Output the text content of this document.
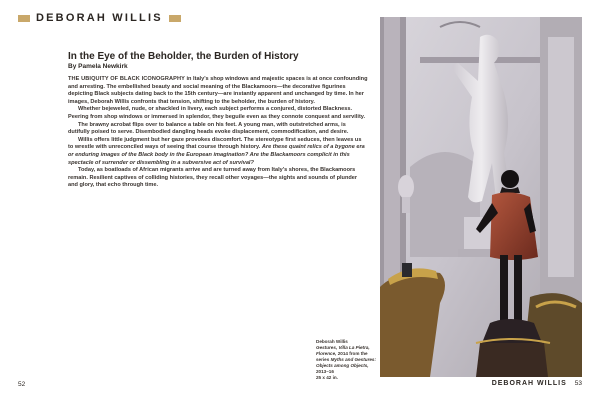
DEBORAH WILLIS
In the Eye of the Beholder, the Burden of History
By Pamela Newkirk

THE UBIQUITY OF BLACK ICONOGRAPHY in Italy's shop windows and majestic spaces is at once confounding and arresting. The embellished beauty and social meaning of the Blackamoors—the decorative figurines depicting Black subjects dating back to the 15th century—are instantly apparent and unchanged by time. In her images, Deborah Willis confronts that tension, shifting to the beholder, the burden of history.

Whether bejeweled, nude, or shackled in livery, each subject performs a conjured, distorted Blackness. Peering from shop windows or immersed in splendor, they beguile even as they connote conquest and servility.

The brawny acrobat flips over to balance a table on his feet. A young man, with outstretched arms, is dutifully poised to serve. Disembodied dangling heads evoke displacement, commodification, and desire.

Willis offers little judgment but her gaze provokes discomfort. The stereotype first seduces, then leaves us to wrestle with unreconciled ways of seeing that course through history. Are these quaint relics of a bygone era or enduring images of the Black body in the European imagination? Are the Blackamoors complicit in this spectacle of surrender or dissembling in a subversive act of survival?

Today, as boatloads of African migrants arrive and are turned away from Italy's shores, the Blackamoors remain. Resilient captives of colliding histories, they recall other voyages—the sights and sounds of plunder and glory, that echo through time.

Deborah Willis
Gestures, Villa La Pietra, Florence, 2014 from the series Myths and Gestures: Objects among Objects, 2013–16
25 x 42 in.
52	DEBORAH WILLIS 53
